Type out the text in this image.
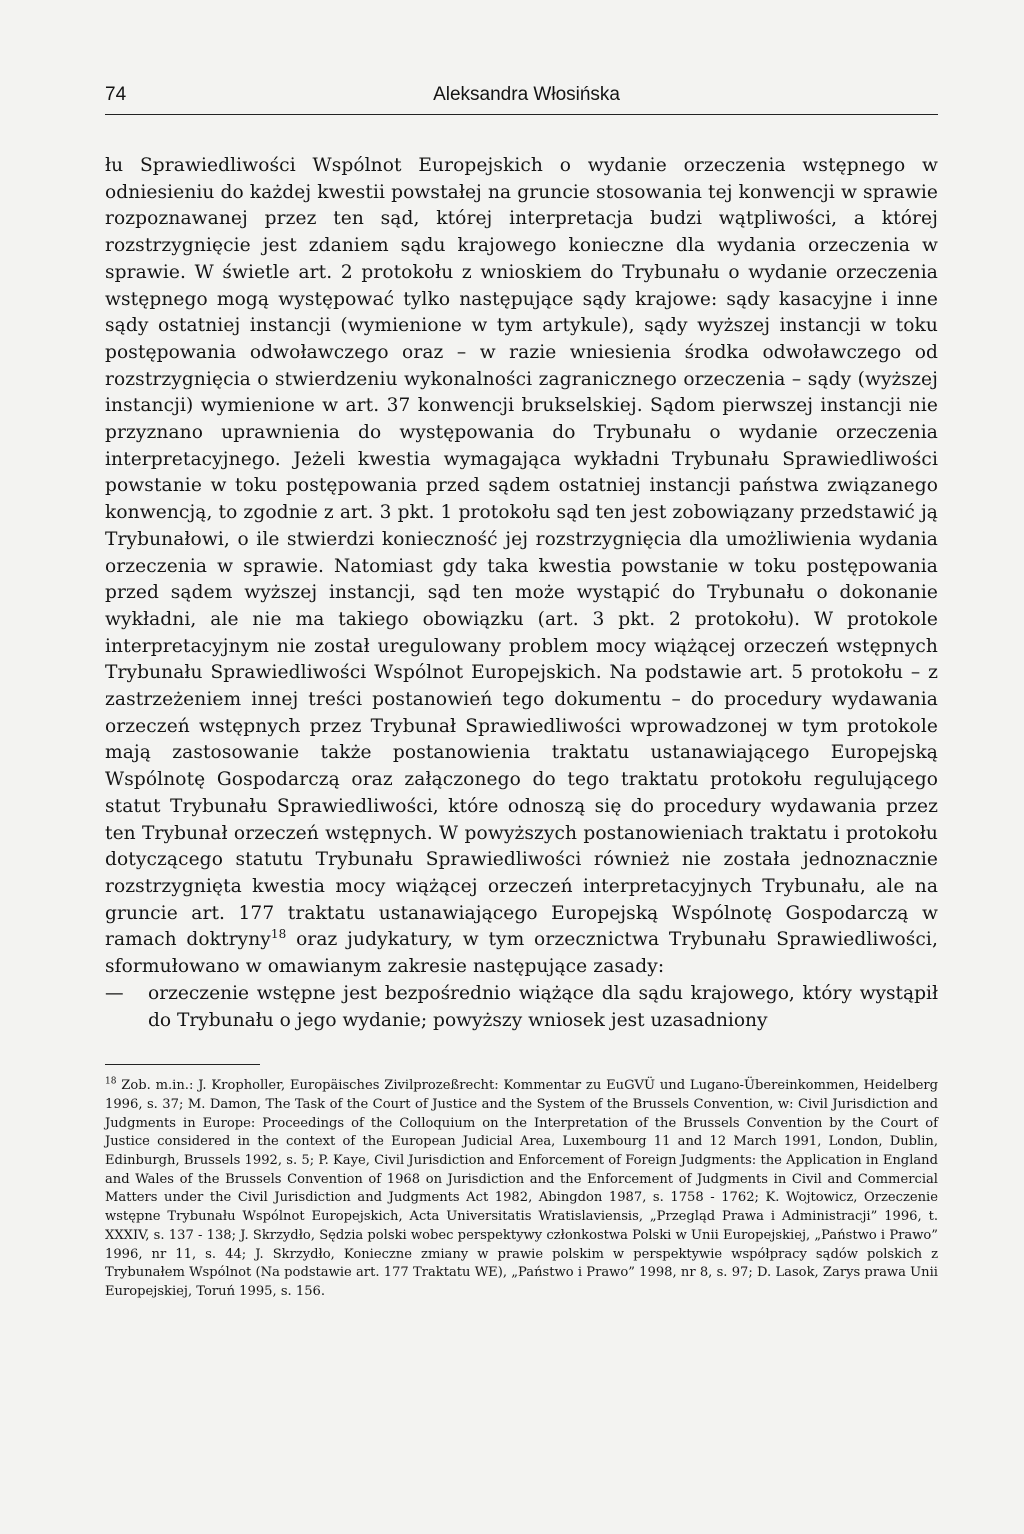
74	Aleksandra Włosińska

łu Sprawiedliwości Wspólnot Europejskich o wydanie orzeczenia wstępnego w odniesieniu do każdej kwestii powstałej na gruncie stosowania tej konwencji w sprawie rozpoznawanej przez ten sąd, której interpretacja budzi wątpliwości, a której rozstrzygnięcie jest zdaniem sądu krajowego konieczne dla wydania orzeczenia w sprawie. W świetle art. 2 protokołu z wnioskiem do Trybunału o wydanie orzeczenia wstępnego mogą występować tylko następujące sądy krajowe: sądy kasacyjne i inne sądy ostatniej instancji (wymienione w tym artykule), sądy wyższej instancji w toku postępowania odwoławczego oraz – w razie wniesienia środka odwoławczego od rozstrzygnięcia o stwierdzeniu wykonalności zagranicznego orzeczenia – sądy (wyższej instancji) wymienione w art. 37 konwencji brukselskiej. Sądom pierwszej instancji nie przyznano uprawnienia do występowania do Trybunału o wydanie orzeczenia interpretacyjnego. Jeżeli kwestia wymagająca wykładni Trybunału Sprawiedliwości powstanie w toku postępowania przed sądem ostatniej instancji państwa związanego konwencją, to zgodnie z art. 3 pkt. 1 protokołu sąd ten jest zobowiązany przedstawić ją Trybunałowi, o ile stwierdzi konieczność jej rozstrzygnięcia dla umożliwienia wydania orzeczenia w sprawie. Natomiast gdy taka kwestia powstanie w toku postępowania przed sądem wyższej instancji, sąd ten może wystąpić do Trybunału o dokonanie wykładni, ale nie ma takiego obowiązku (art. 3 pkt. 2 protokołu). W protokole interpretacyjnym nie został uregulowany problem mocy wiążącej orzeczeń wstępnych Trybunału Sprawiedliwości Wspólnot Europejskich. Na podstawie art. 5 protokołu – z zastrzeżeniem innej treści postanowień tego dokumentu – do procedury wydawania orzeczeń wstępnych przez Trybunał Sprawiedliwości wprowadzonej w tym protokole mają zastosowanie także postanowienia traktatu ustanawiającego Europejską Wspólnotę Gospodarczą oraz załączonego do tego traktatu protokołu regulującego statut Trybunału Sprawiedliwości, które odnoszą się do procedury wydawania przez ten Trybunał orzeczeń wstępnych. W powyższych postanowieniach traktatu i protokołu dotyczącego statutu Trybunału Sprawiedliwości również nie została jednoznacznie rozstrzygnięta kwestia mocy wiążącej orzeczeń interpretacyjnych Trybunału, ale na gruncie art. 177 traktatu ustanawiającego Europejską Wspólnotę Gospodarczą w ramach doktryny$^{18}$ oraz judykatury, w tym orzecznictwa Trybunału Sprawiedliwości, sformułowano w omawianym zakresie następujące zasady:

—	orzeczenie wstępne jest bezpośrednio wiążące dla sądu krajowego, który wystąpił do Trybunału o jego wydanie; powyższy wniosek jest uzasadniony
$^{18}$ Zob. m.in.: J. Kropholler, Europäisches Zivilprozeßrecht: Kommentar zu EuGVÜ und Lugano-Übereinkommen, Heidelberg 1996, s. 37; M. Damon, The Task of the Court of Justice and the System of the Brussels Convention, w: Civil Jurisdiction and Judgments in Europe: Proceedings of the Colloquium on the Interpretation of the Brussels Convention by the Court of Justice considered in the context of the European Judicial Area, Luxembourg 11 and 12 March 1991, London, Dublin, Edinburgh, Brussels 1992, s. 5; P. Kaye, Civil Jurisdiction and Enforcement of Foreign Judgments: the Application in England and Wales of the Brussels Convention of 1968 on Jurisdiction and the Enforcement of Judgments in Civil and Commercial Matters under the Civil Jurisdiction and Judgments Act 1982, Abingdon 1987, s. 1758 - 1762; K. Wojtowicz, Orzeczenie wstępne Trybunału Wspólnot Europejskich, Acta Universitatis Wratislaviensis, „Przegląd Prawa i Administracji” 1996, t. XXXIV, s. 137 - 138; J. Skrzydło, Sędzia polski wobec perspektywy członkostwa Polski w Unii Europejskiej, „Państwo i Prawo” 1996, nr 11, s. 44; J. Skrzydło, Konieczne zmiany w prawie polskim w perspektywie współpracy sądów polskich z Trybunałem Wspólnot (Na podstawie art. 177 Traktatu WE), „Państwo i Prawo” 1998, nr 8, s. 97; D. Lasok, Zarys prawa Unii Europejskiej, Toruń 1995, s. 156.
